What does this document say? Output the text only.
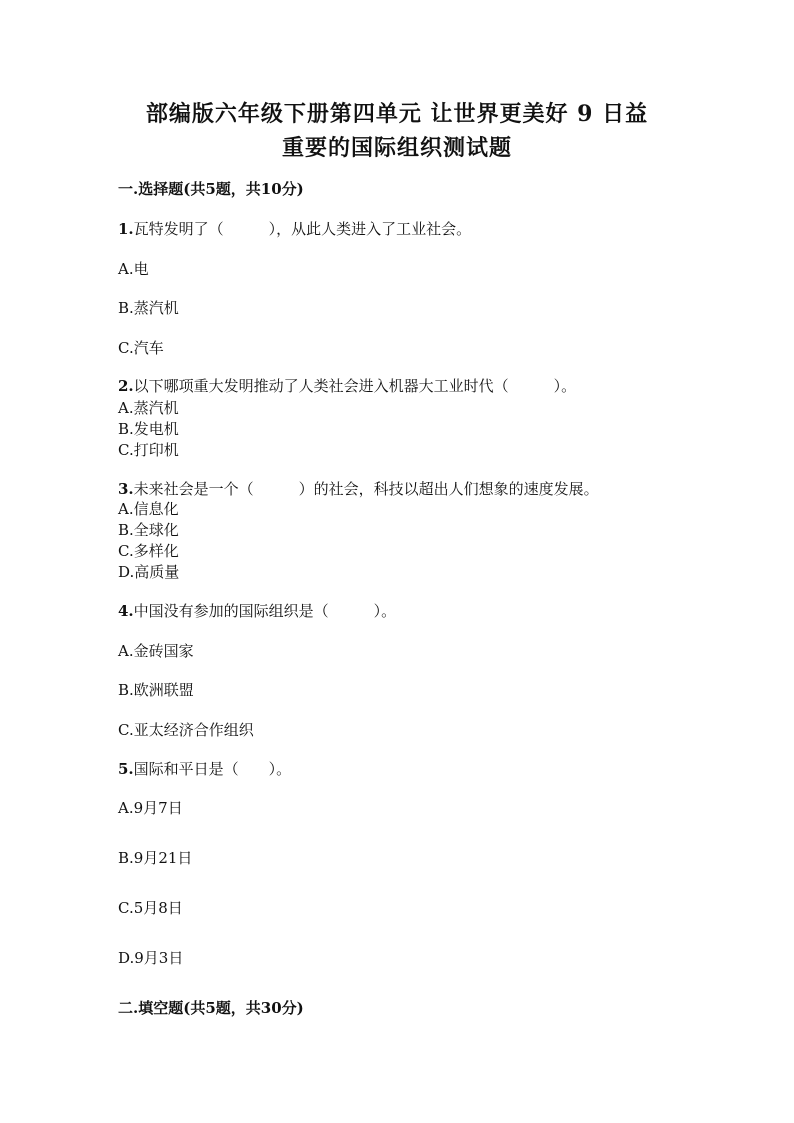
部编版六年级下册第四单元 让世界更美好 9 日益
重要的国际组织测试题
一.选择题(共5题，共10分)
1.瓦特发明了（　　　），从此人类进入了工业社会。
A.电
B.蒸汽机
C.汽车
2.以下哪项重大发明推动了人类社会进入机器大工业时代（　　　）。
A.蒸汽机
B.发电机
C.打印机
3.未来社会是一个（　　　）的社会，科技以超出人们想象的速度发展。
A.信息化
B.全球化
C.多样化
D.高质量
4.中国没有参加的国际组织是（　　　）。
A.金砖国家
B.欧洲联盟
C.亚太经济合作组织
5.国际和平日是（　　）。
A.9月7日
B.9月21日
C.5月8日
D.9月3日
二.填空题(共5题，共30分)
